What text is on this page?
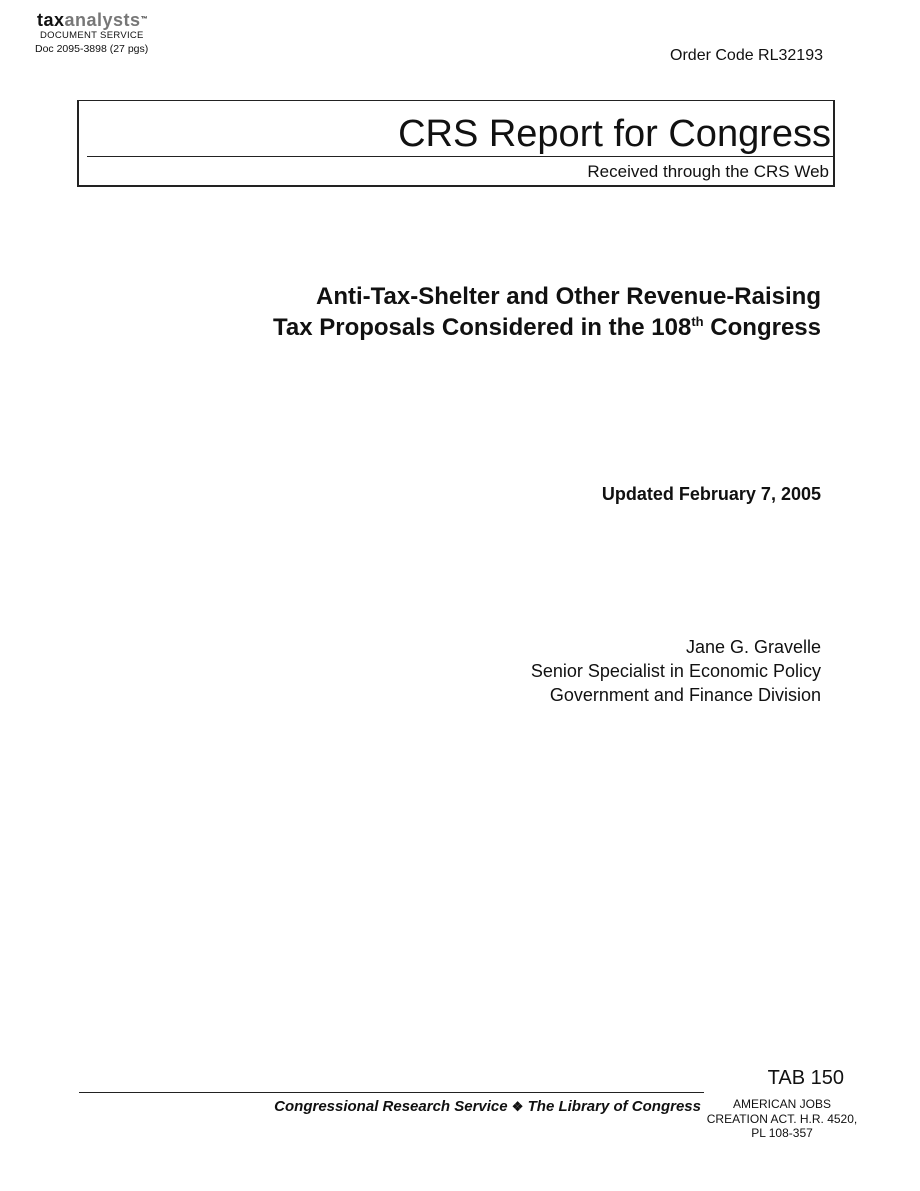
taxanalysts™
DOCUMENT SERVICE
Doc 2095-3898 (27 pgs)	Order Code RL32193
CRS Report for Congress
Received through the CRS Web
Anti-Tax-Shelter and Other Revenue-Raising
Tax Proposals Considered in the 108th Congress
Updated February 7, 2005
Jane G. Gravelle
Senior Specialist in Economic Policy
Government and Finance Division
TAB 150
Congressional Research Service ❖ The Library of Congress	AMERICAN JOBS
CREATION ACT. H.R. 4520,
PL 108-357
